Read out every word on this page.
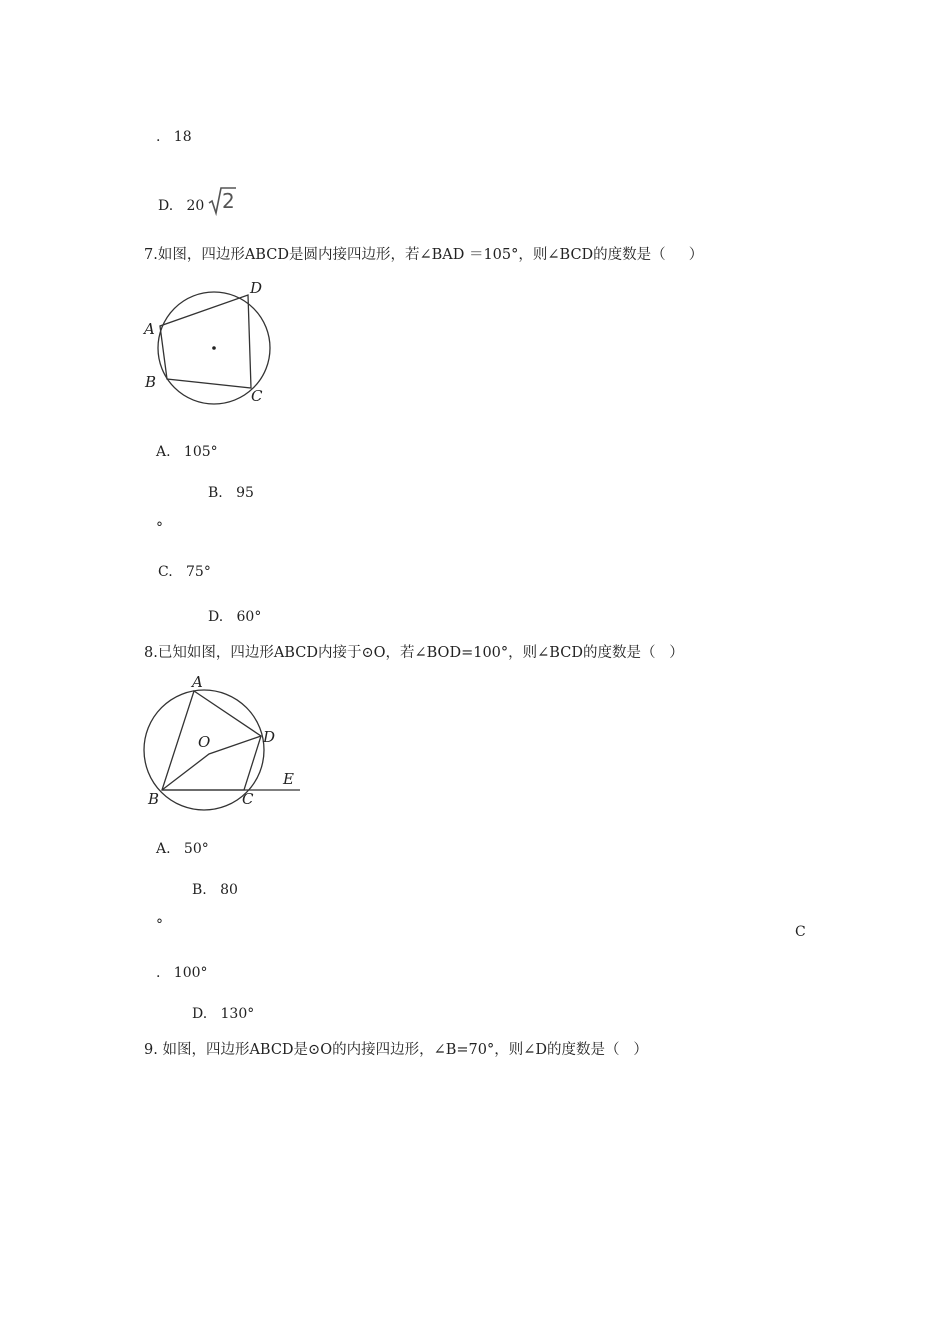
.   18
D.   20 2
7.如图，四边形ABCD是圆内接四边形，若∠BAD ＝105°，则∠BCD的度数是（     ）
A
B
C
D
A.   105°
B.   95
°
C.   75°
D.   60°
8.已知如图，四边形ABCD内接于⊙O，若∠BOD=100°，则∠BCD的度数是（   ）
A
O	D
E
B	C
A.   50°
B.   80
°	C
.   100°
D.   130°
9. 如图，四边形ABCD是⊙O的内接四边形，∠B=70°，则∠D的度数是（   ）
